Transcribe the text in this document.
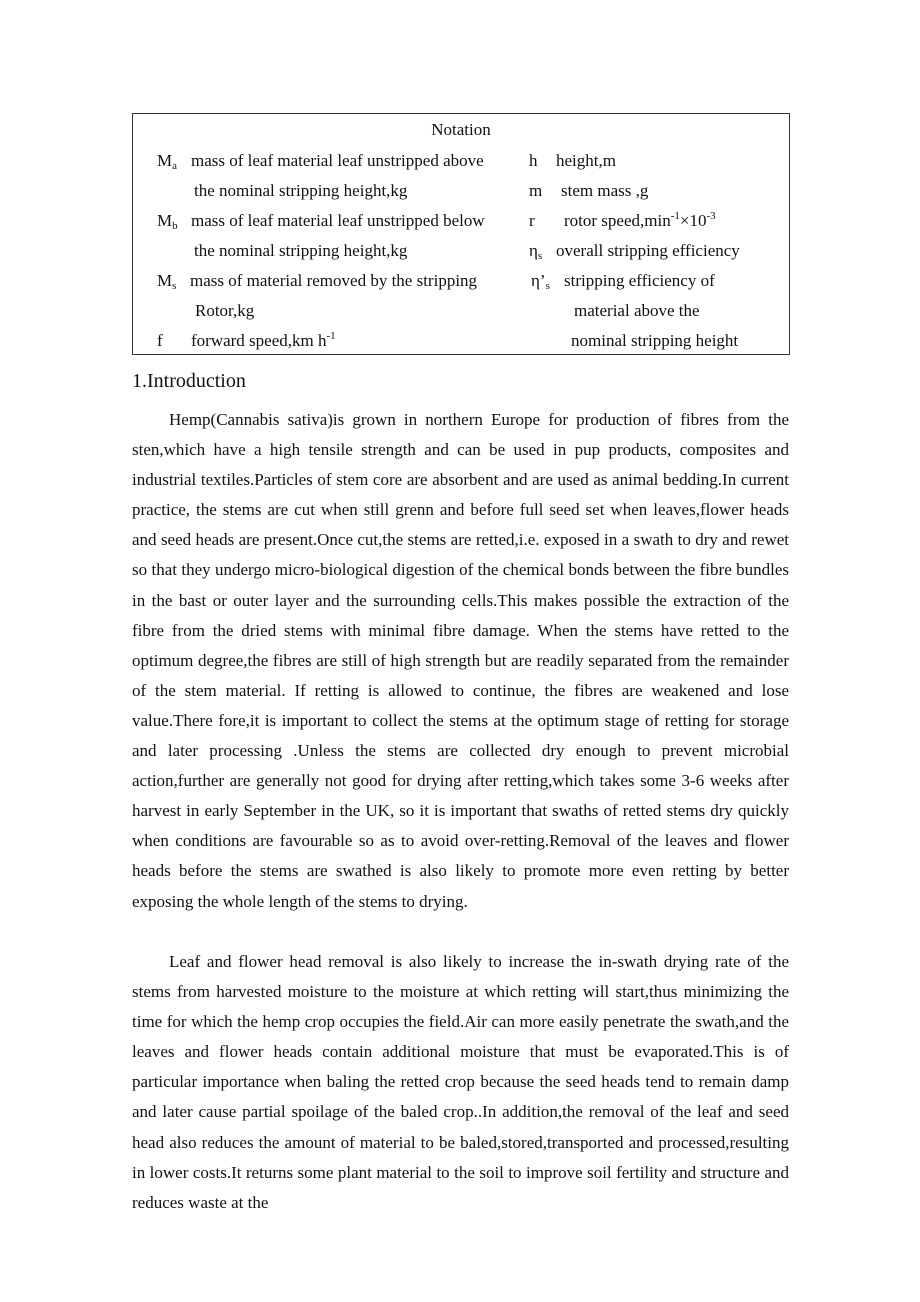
Notation
$M_a$ mass of leaf material leaf unstripped above
the nominal stripping height,kg
$M_b$ mass of leaf material leaf unstripped below
the nominal stripping height,kg
$M_s$ mass of material removed by the stripping
Rotor,kg
f forward speed,km $h^{-1}$
h height,m
m stem mass ,g
r rotor $speed,\min^{-1}\times 10^{-3}$
$\eta_s$ overall stripping efficiency
$\eta’_s$ stripping efficiency of
material above the
nominal stripping height
1.Introduction

Hemp(Cannabis sativa)is grown in northern Europe for production of fibres from the sten,which have a high tensile strength and can be used in pup products, composites and industrial textiles.Particles of stem core are absorbent and are used as animal bedding.In current practice, the stems are cut when still grenn and before full seed set when leaves,flower heads and seed heads are present.Once cut,the stems are retted,i.e. exposed in a swath to dry and rewet so that they undergo micro-biological digestion of the chemical bonds between the fibre bundles in the bast or outer layer and the surrounding cells.This makes possible the extraction of the fibre from the dried stems with minimal fibre damage. When the stems have retted to the optimum degree,the fibres are still of high strength but are readily separated from the remainder of the stem material. If retting is allowed to continue, the fibres are weakened and lose value.There fore,it is important to collect the stems at the optimum stage of retting for storage and later processing .Unless the stems are collected dry enough to prevent microbial action,further are generally not good for drying after retting,which takes some 3-6 weeks after harvest in early September in the UK, so it is important that swaths of retted stems dry quickly when conditions are favourable so as to avoid over-retting.Removal of the leaves and flower heads before the stems are swathed is also likely to promote more even retting by better exposing the whole length of the stems to drying.

Leaf and flower head removal is also likely to increase the in-swath drying rate of the stems from harvested moisture to the moisture at which retting will start,thus minimizing the time for which the hemp crop occupies the field.Air can more easily penetrate the swath,and the leaves and flower heads contain additional moisture that must be evaporated.This is of particular importance when baling the retted crop because the seed heads tend to remain damp and later cause partial spoilage of the baled crop..In addition,the removal of the leaf and seed head also reduces the amount of material to be baled,stored,transported and processed,resulting in lower costs.It returns some plant material to the soil to improve soil fertility and structure and reduces waste at the
